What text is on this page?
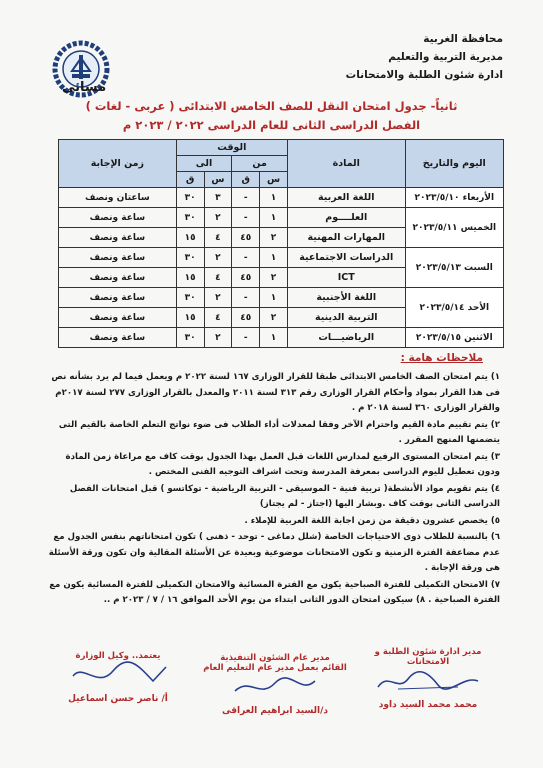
محافظة الغربية
مديرية التربية والتعليم
ادارة شئون الطلبة والامتحانات
مسائى
ثانياً- جدول امتحان النقل للصف الخامس الابتدائى ( عربى - لغات )
الفصل الدراسى الثانى للعام الدراسى ٢٠٢٢ / ٢٠٢٣ م
اليوم والتاريخ	المادة	الوقت				زمن الإجابة
		من		الى		
		س	ق	س	ق	
الأربعاء ٢٠٢٣/٥/١٠	اللغة العربية	١	-	٣	٣٠	ساعتان ونصف
الخميس ٢٠٢٣/٥/١١	العلــــوم	١	-	٢	٣٠	ساعة ونصف
	المهارات المهنية	٢	٤٥	٤	١٥	ساعة ونصف
السبت ٢٠٢٣/٥/١٣	الدراسات الاجتماعية	١	-	٢	٣٠	ساعة ونصف
	ICT	٢	٤٥	٤	١٥	ساعة ونصف
الأحد ٢٠٢٣/٥/١٤	اللغة الأجنبية	١	-	٢	٣٠	ساعة ونصف
	التربية الدينية	٢	٤٥	٤	١٥	ساعة ونصف
الاثنين ٢٠٢٣/٥/١٥	الرياضيـــات	١	-	٢	٣٠	ساعة ونصف
ملاحظات هامة :

١) يتم امتحان الصف الخامس الابتدائى طبقا للقرار الوزارى ١٦٧ لسنة ٢٠٢٢ م ويعمل فيما لم يرد بشأنه نص فى هذا القرار بمواد وأحكام القرار الوزارى رقم ٣١٣ لسنة ٢٠١١ والمعدل بالقرار الوزارى ٢٧٧ لسنة ٢٠١٧م والقرار الوزارى ٣٦٠ لسنة ٢٠١٨ م .

٢) يتم تقييم مادة القيم واحترام الآخر وفقا لمعدلات أداء الطلاب فى ضوء نواتج التعلم الخاصة بالقيم التى يتضمنها المنهج المقرر .

٣) يتم امتحان المستوى الرفيع لمدارس اللغات قبل العمل بهذا الجدول بوقت كاف مع مراعاة زمن المادة ودون تعطيل لليوم الدراسى بمعرفة المدرسة وتحت اشراف التوجيه الفنى المختص .

٤) يتم تقويم مواد الأنشطة( تربية فنية - الموسيقى - التربية الرياضية - توكاتسو ) قبل امتحانات الفصل الدراسى الثانى بوقت كاف .وبشار اليها (اجتاز - لم يجتاز)

٥) يخصص عشرون دقيقة من زمن اجابة اللغة العربية للإملاء .

٦) بالنسبة للطلاب ذوى الاحتياجات الخاصة (شلل دماغى - توحد - ذهنى ) تكون امتحاناتهم بنفس الجدول مع عدم مضاعفة الفترة الزمنية و تكون الامتحانات موضوعية وبعيدة عن الأسئلة المقالية وان تكون ورقة الأسئلة هى ورقة الإجابة .

٧) الامتحان التكميلى للفترة الصباحية يكون مع الفترة المسائية والامتحان التكميلى للفترة المسائية يكون مع الفترة الصباحية . ٨) سيكون امتحان الدور الثانى ابتداء من يوم الأحد الموافق ١٦ / ٧ / ٢٠٢٣ م ..

مدير ادارة شئون الطلبة و الامتحانات
محمد محمد السيد داود
مدير عام الشئون التنفيذية
القائم بعمل مدير عام التعليم العام
د/السيد ابراهيم العراقى
يعتمد.. وكيل الوزارة
أ/ ناصر حسن اسماعيل
